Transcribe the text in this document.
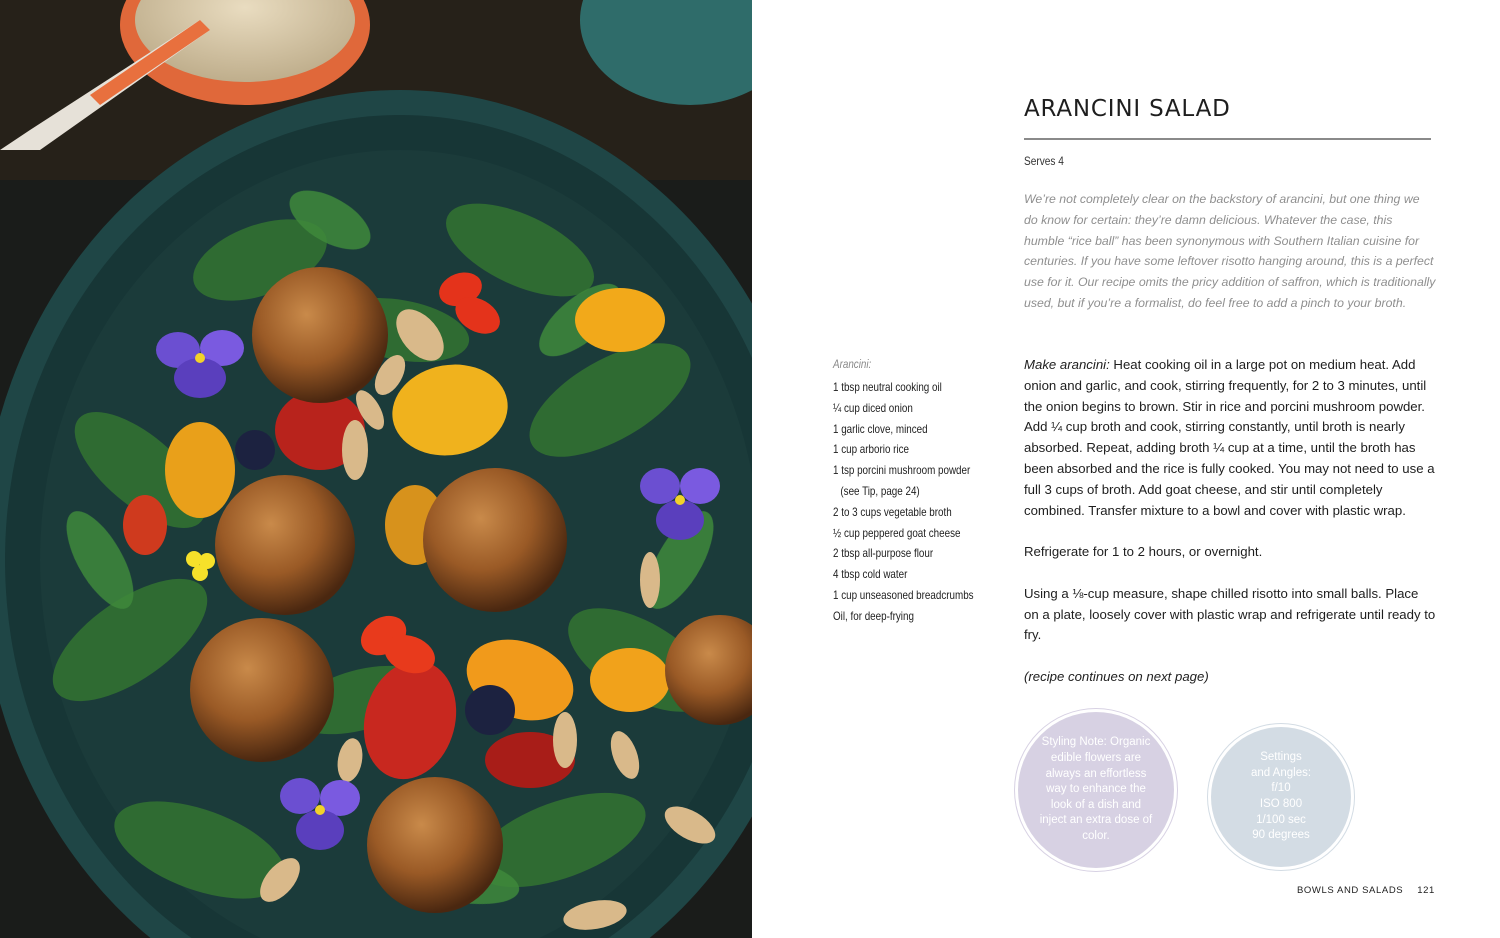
ARANCINI SALAD
Serves 4

We’re not completely clear on the backstory of arancini, but one thing we do know for certain: they’re damn delicious. Whatever the case, this humble “rice ball” has been synonymous with Southern Italian cuisine for centuries. If you have some leftover risotto hanging around, this is a perfect use for it. Our recipe omits the pricy addition of saffron, which is traditionally used, but if you’re a formalist, do feel free to add a pinch to your broth.

Arancini:
1 tbsp neutral cooking oil
¼ cup diced onion
1 garlic clove, minced
1 cup arborio rice
1 tsp porcini mushroom powder
(see Tip, page 24)
2 to 3 cups vegetable broth
½ cup peppered goat cheese
2 tbsp all-purpose flour
4 tbsp cold water
1 cup unseasoned breadcrumbs
Oil, for deep-frying

Make arancini: Heat cooking oil in a large pot on medium heat. Add onion and garlic, and cook, stirring frequently, for 2 to 3 minutes, until the onion begins to brown. Stir in rice and porcini mushroom powder. Add ¼ cup broth and cook, stirring constantly, until broth is nearly absorbed. Repeat, adding broth ¼ cup at a time, until the broth has been absorbed and the rice is fully cooked. You may not need to use a full 3 cups of broth. Add goat cheese, and stir until completely combined. Transfer mixture to a bowl and cover with plastic wrap.

Refrigerate for 1 to 2 hours, or overnight.

Using a ⅛-cup measure, shape chilled risotto into small balls. Place on a plate, loosely cover with plastic wrap and refrigerate until ready to fry.

(recipe continues on next page)

Styling Note: Organic edible flowers are always an effortless way to enhance the look of a dish and inject an extra dose of color.
Settings
and Angles:
f/10
ISO 800
1/100 sec
90 degrees
BOWLS AND SALADS 121
